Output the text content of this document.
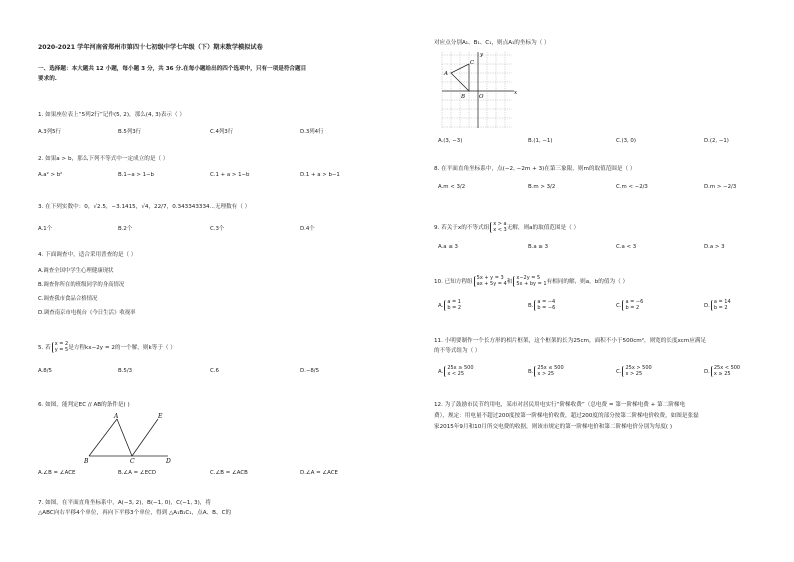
2020-2021 学年河南省郑州市第四十七初级中学七年级（下）期末数学模拟试卷
一、选择题：本大题共 12 小题，每小题 3 分，共 36 分.在每小题给出的四个选项中，只有一项是符合题目
要求的.
1. 如果座位表上“5列2行”记作(5, 2)，那么(4, 3)表示（ ）
A.3列5行	B.5列3行	C.4列3行	D.3列4行
2. 如果a > b，那么下列不等式中一定成立的是（ ）
A.a² > b²	B.1−a > 1−b	C.1 + a > 1−b	D.1 + a > b−1
3. 在下列实数中：0，√2.5，−3.1415，√4，22/7，0.343343334...无理数有（ ）
A.1个	B.2个	C.3个	D.4个
4. 下面调查中，适合采用普查的是（ ）
A.调查全国中学生心理健康现状
B.调查你所在的班级同学的身高情况
C.调查我市食品合格情况
D.调查南京市电视台《今日生活》收视率
5. 若x = 2
y = 5是方程kx−2y = 2的一个解，则k等于（ ）
A.8/5	B.5/3	C.6	D.−8/5
6. 如图，能判定EC // AB的条件是( )
A	E
B	C	D
A.∠B = ∠ACE	B.∠A = ∠ECD	C.∠B = ∠ACB	D.∠A = ∠ACE
7. 如图，在平面直角坐标系中，A(−3, 2)，B(−1, 0)，C(−1, 3)，将
△ABC向右平移4个单位，再向下平移3个单位，得到 △A₁B₁C₁，点A、B、C的
对应点分别A₁、B₁、C₁，则点A₁的坐标为（ ）
y
x
A
C
B	O
A.(3, −3)	B.(1, −1)	C.(3, 0)	D.(2, −1)
8. 在平面直角坐标系中，点(−2, −2m + 3)在第三象限，则m的取值范围是（ ）
A.m < 3/2	B.m > 3/2	C.m < −2/3	D.m > −2/3
9. 若关于x的不等式组x > a
x < 3无解，则a的取值范围是（ ）
A.a ≤ 3	B.a ≥ 3	C.a < 3	D.a > 3
10. 已知方程组5x + y = 3
ax + 5y = 4和x−2y = 5
5x + by = 1有相同的解，则a，b的值为（ ）
A.a = 1
b = 2	B.a = −4
b = −6	C.a = −6
b = 2	D.a = 14
b = 2
11. 小明要制作一个长方形的相片框架，这个框架的长为25cm，面积不小于500cm²，则宽的长度xcm应满足
的不等式组为（ ）
A.25x ≥ 500
x < 25	B.25x ≤ 500
x > 25	C.25x > 500
x > 25	D.25x < 500
x ≥ 25
12. 为了鼓励市民节约用电，某市对居民用电实行“阶梯收费”（总电费 = 第一阶梯电费 + 第二阶梯电
费），规定：用电量不超过200度按第一阶梯电价收费，超过200度的部分按第二阶梯电价收费，如图是张磊
家2015年9月和10月所交电费的收据，则该市规定的第一阶梯电价和第二阶梯电价分别为每度( )
